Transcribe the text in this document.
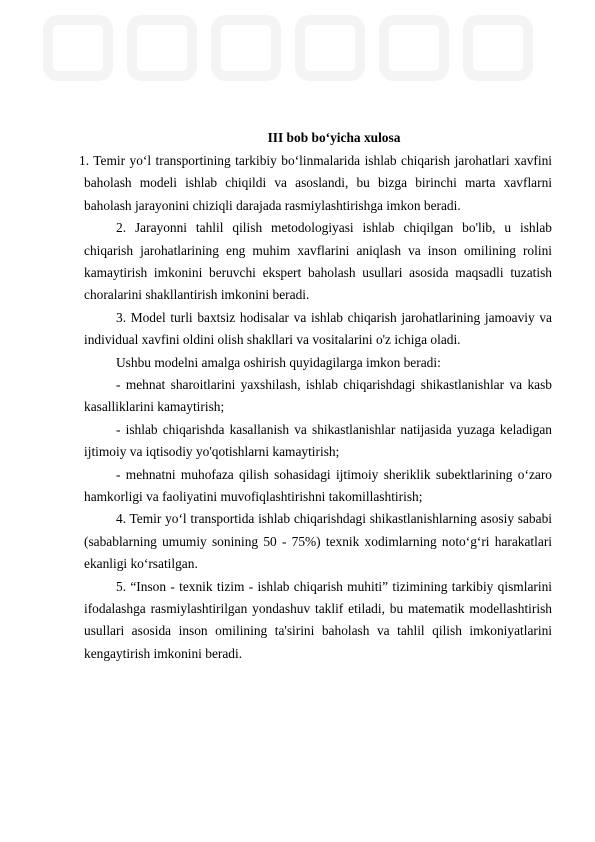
III bob bo‘yicha xulosa

1. Temir yo‘l transportining tarkibiy bo‘linmalarida ishlab chiqarish jarohatlari xavfini baholash modeli ishlab chiqildi va asoslandi, bu bizga birinchi marta xavflarni baholash jarayonini chiziqli darajada rasmiylashtirishga imkon beradi.

2. Jarayonni tahlil qilish metodologiyasi ishlab chiqilgan bo'lib, u ishlab chiqarish jarohatlarining eng muhim xavflarini aniqlash va inson omilining rolini kamaytirish imkonini beruvchi ekspert baholash usullari asosida maqsadli tuzatish choralarini shakllantirish imkonini beradi.

3. Model turli baxtsiz hodisalar va ishlab chiqarish jarohatlarining jamoaviy va individual xavfini oldini olish shakllari va vositalarini o'z ichiga oladi.

Ushbu modelni amalga oshirish quyidagilarga imkon beradi:

- mehnat sharoitlarini yaxshilash, ishlab chiqarishdagi shikastlanishlar va kasb kasalliklarini kamaytirish;

- ishlab chiqarishda kasallanish va shikastlanishlar natijasida yuzaga keladigan ijtimoiy va iqtisodiy yo'qotishlarni kamaytirish;

- mehnatni muhofaza qilish sohasidagi ijtimoiy sheriklik subektlarining o‘zaro hamkorligi va faoliyatini muvofiqlashtirishni takomillashtirish;

4. Temir yo‘l transportida ishlab chiqarishdagi shikastlanishlarning asosiy sababi (sabablarning umumiy sonining 50 - 75%) texnik xodimlarning noto‘g‘ri harakatlari ekanligi ko‘rsatilgan.

5. “Inson - texnik tizim - ishlab chiqarish muhiti” tizimining tarkibiy qismlarini ifodalashga rasmiylashtirilgan yondashuv taklif etiladi, bu matematik modellashtirish usullari asosida inson omilining ta'sirini baholash va tahlil qilish imkoniyatlarini kengaytirish imkonini beradi.
